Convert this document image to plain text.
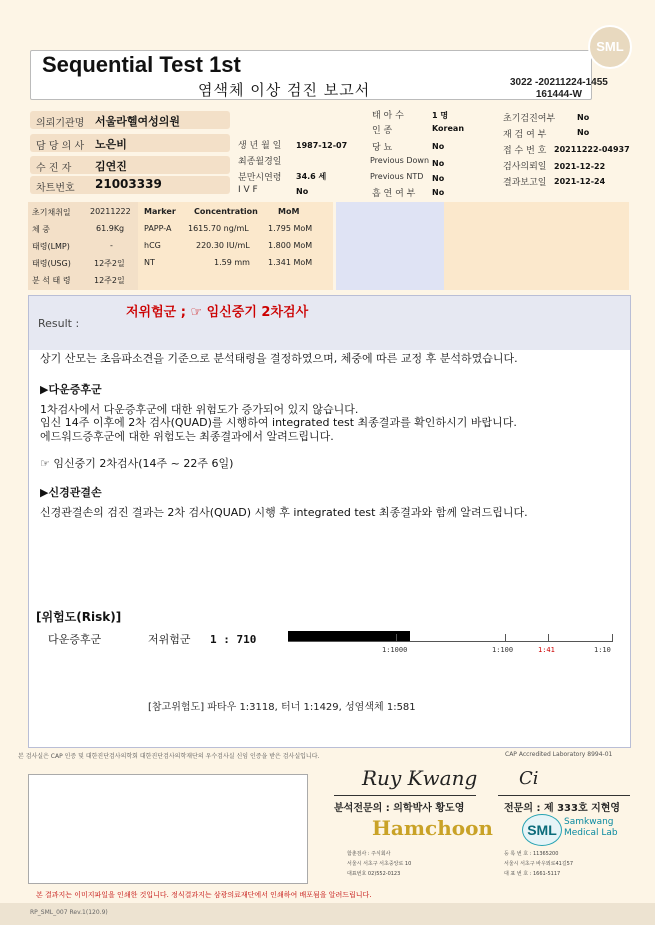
Sequential Test 1st
염색체 이상 검진 보고서	3022 -20211224-1455
161444-W
SML
의뢰기관명 서울라헬여성의원
담 당 의 사 노은비
수 진 자 김연진
차트번호 21003339
생 년 월 일 1987-12-07
최종월경일
분만시연령 34.6 세
I V F	No
태 아 수	1 명
인 종	Korean
당 뇨	No
Previous Down No
Previous NTD No
흡 연 여 부 No
초기검진여부	No
재 검 여 부	No
접 수 번 호 20211222-04937
검사의뢰일 2021-12-22
결과보고일 2021-12-24
초기채취일 20211222
체 중	61.9Kg
태령(LMP)	-
태령(USG)	12주2일
분 석 태 령	12주2일
Marker Concentration	MoM
PAPP-A 1615.70 ng/mL 1.795 MoM
hCG	220.30 IU/mL 1.800 MoM
NT	1.59 mm 1.341 MoM
Result :
저위험군 ; ☞ 임신중기 2차검사
상기 산모는 초음파소견을 기준으로 분석태령을 결정하였으며, 체중에 따른 교정 후 분석하였습니다.
▶다운증후군
1차검사에서 다운증후군에 대한 위험도가 증가되어 있지 않습니다.
임신 14주 이후에 2차 검사(QUAD)를 시행하여 integrated test 최종결과를 확인하시기 바랍니다.
에드워드증후군에 대한 위험도는 최종결과에서 알려드립니다.
☞ 임신중기 2차검사(14주 ~ 22주 6일)
▶신경관결손
신경관결손의 검진 결과는 2차 검사(QUAD) 시행 후 integrated test 최종결과와 함께 알려드립니다.
[위험도(Risk)]
다운증후군	저위험군 1 : 710
1:1000	1:100	1:41	1:10
[참고위험도] 파타우 1:3118, 터너 1:1429, 성염색체 1:581
본 검사실은 CAP 인증 및 대한진단검사의학회 대한진단검사의학재단의 우수검사실 신임 인증을 받은 검사실입니다.	CAP Accredited Laboratory 8994-01
Ruy Kwang
분석전문의 : 의학박사 황도영
Hamchoon
함춘검사 : 주식회사
서울시 서초구 서초중앙로 10
대표번호 02)552-0123
Ci
전문의 : 제 333호 지현영
SML Samkwang
Medical Lab
등 록 번 호 : 11365200
서울시 서초구 바우뫼로41길57
대 표 번 호 : 1661-5117
본 결과지는 이미지파일을 인쇄한 것입니다. 정식결과지는 삼광의료재단에서 인쇄하여 배포됨을 알려드립니다.
RP_SML_007 Rev.1(120.9)
